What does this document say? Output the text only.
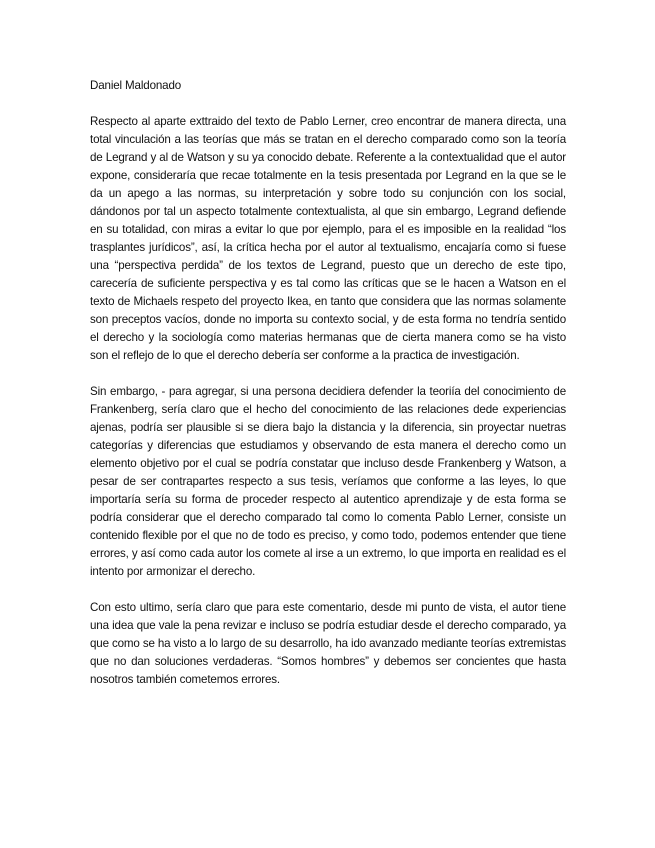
Daniel Maldonado

Respecto al aparte exttraido del texto de Pablo Lerner, creo encontrar de manera directa, una total vinculación a las teorías que más se tratan en el derecho comparado como son la teoría de Legrand y al de Watson y su ya conocido debate. Referente a la contextualidad que el autor expone, consideraría que recae totalmente en la tesis presentada por Legrand en la que se le da un apego a las normas, su interpretación y sobre todo su conjunción con los social, dándonos por tal un aspecto totalmente contextualista, al que sin embargo, Legrand defiende en su totalidad, con miras a evitar lo que por ejemplo, para el es imposible en la realidad “los trasplantes jurídicos”, así, la crítica hecha por el autor al textualismo, encajaría como si fuese una “perspectiva perdida” de los textos de Legrand, puesto que un derecho de este tipo, carecería de suficiente perspectiva y es tal como las críticas que se le hacen a Watson en el texto de Michaels respeto del proyecto Ikea, en tanto que considera que las normas solamente son preceptos vacíos, donde no importa su contexto social, y de esta forma no tendría sentido el derecho y la sociología como materias hermanas que de cierta manera como se ha visto son el reflejo de lo que el derecho debería ser conforme a la practica de investigación.

Sin embargo, - para agregar, si una persona decidiera defender la teoriía del conocimiento de Frankenberg, sería claro que el hecho del conocimiento de las relaciones dede experiencias ajenas, podría ser plausible si se diera bajo la distancia y la diferencia, sin proyectar nuetras categorías y diferencias que estudiamos y observando de esta manera el derecho como un elemento objetivo por el cual se podría constatar que incluso desde Frankenberg y Watson, a pesar de ser contrapartes respecto a sus tesis, veríamos que conforme a las leyes, lo que importaría sería su forma de proceder respecto al autentico aprendizaje y de esta forma se podría considerar que el derecho comparado tal como lo comenta Pablo Lerner, consiste un contenido flexible por el que no de todo es preciso, y como todo, podemos entender que tiene errores, y así como cada autor los comete al irse a un extremo, lo que importa en realidad es el intento por armonizar el derecho.

Con esto ultimo, sería claro que para este comentario, desde mi punto de vista, el autor tiene una idea que vale la pena revizar e incluso se podría estudiar desde el derecho comparado, ya que como se ha visto a lo largo de su desarrollo, ha ido avanzado mediante teorías extremistas que no dan soluciones verdaderas. “Somos hombres” y debemos ser concientes que hasta nosotros también cometemos errores.
